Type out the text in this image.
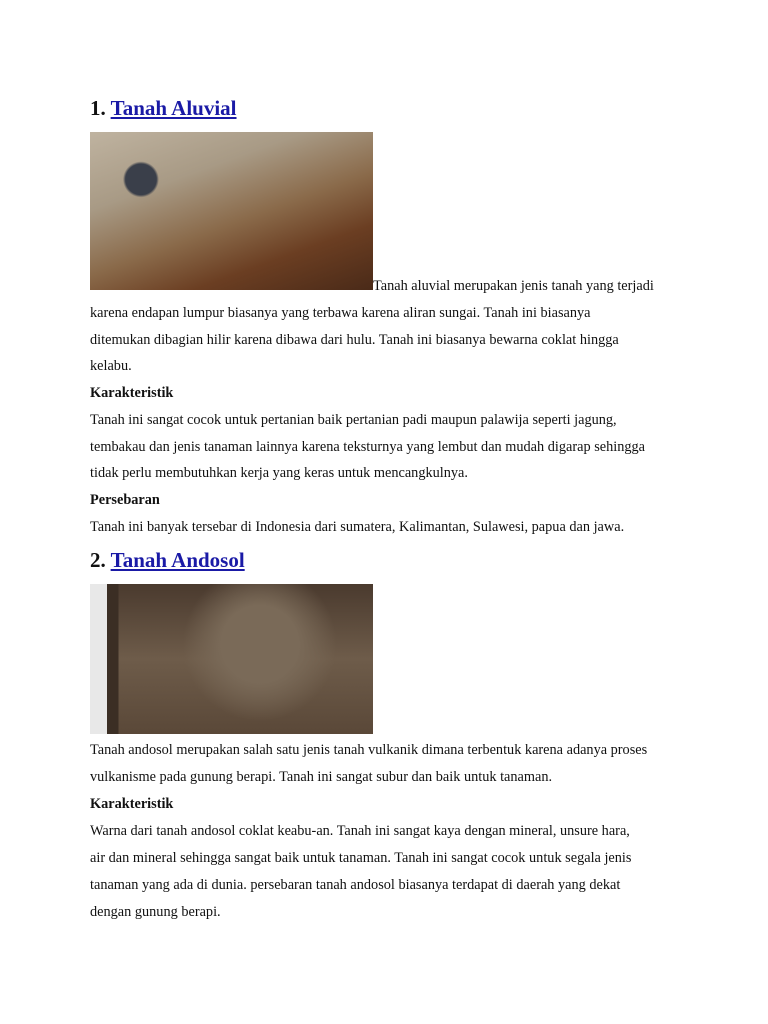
1. Tanah Aluvial
Tanah aluvial merupakan jenis tanah yang terjadi
karena endapan lumpur biasanya yang terbawa karena aliran sungai. Tanah ini biasanya
ditemukan dibagian hilir karena dibawa dari hulu. Tanah ini biasanya bewarna coklat hingga
kelabu.
Karakteristik
Tanah ini sangat cocok untuk pertanian baik pertanian padi maupun palawija seperti jagung,
tembakau dan jenis tanaman lainnya karena teksturnya yang lembut dan mudah digarap sehingga
tidak perlu membutuhkan kerja yang keras untuk mencangkulnya.
Persebaran
Tanah ini banyak tersebar di Indonesia dari sumatera, Kalimantan, Sulawesi, papua dan jawa.
2. Tanah Andosol
Tanah andosol merupakan salah satu jenis tanah vulkanik dimana terbentuk karena adanya proses
vulkanisme pada gunung berapi. Tanah ini sangat subur dan baik untuk tanaman.
Karakteristik
Warna dari tanah andosol coklat keabu-an. Tanah ini sangat kaya dengan mineral, unsure hara,
air dan mineral sehingga sangat baik untuk tanaman. Tanah ini sangat cocok untuk segala jenis
tanaman yang ada di dunia. persebaran tanah andosol biasanya terdapat di daerah yang dekat
dengan gunung berapi.
